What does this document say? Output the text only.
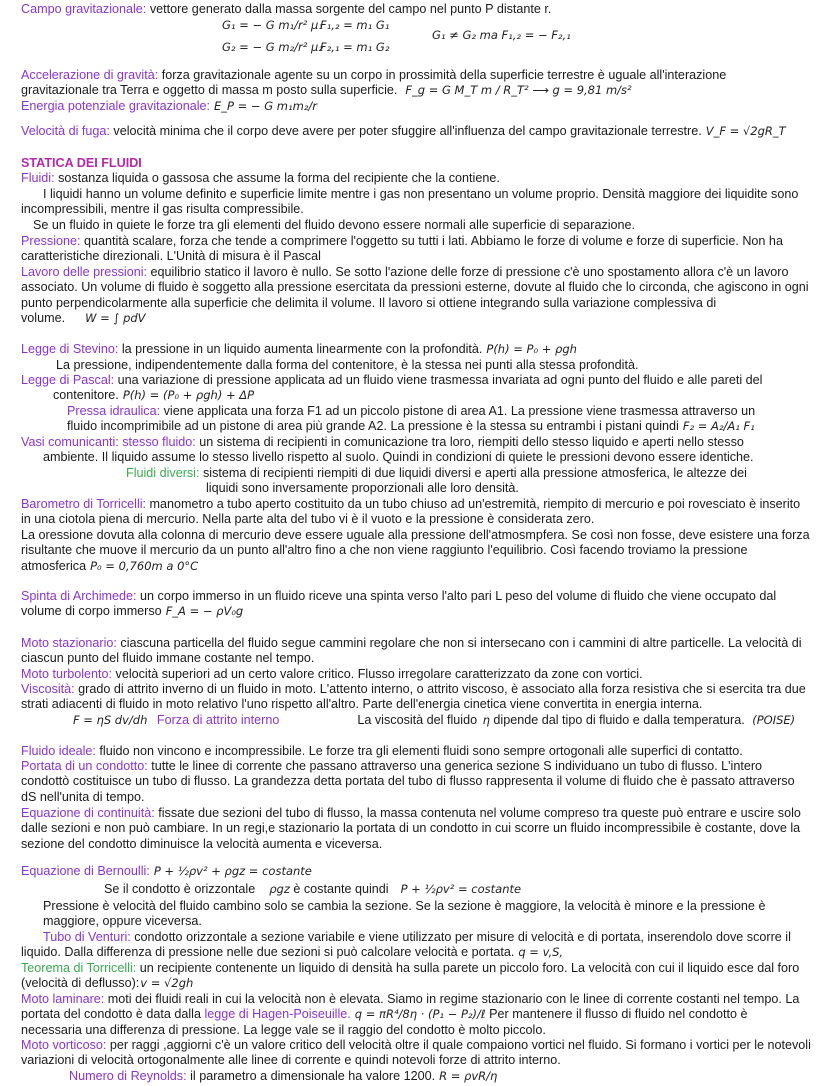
Campo gravitazionale: vettore generato dalla massa sorgente del campo nel punto P distante r.

G₁ = − G m₁/r² μ₁
G₂ = − G m₂/r² μ₂
F₁,₂ = m₁ G₁
F₂,₁ = m₁ G₂
G₁ ≠ G₂ ma F₁,₂ = − F₂,₁

Accelerazione di gravità: forza gravitazionale agente su un corpo in prossimità della superficie terrestre è uguale all'interazione
gravitazionale tra Terra e oggetto di massa m posto sulla superficie. F_g = G M_T m / R_T² ⟶ g = 9,81 m/s²
Energia potenziale gravitazionale: E_P = − G m₁m₂/r

Velocità di fuga: velocità minima che il corpo deve avere per poter sfuggire all'influenza del campo gravitazionale terrestre. V_F = √2gR_T

STATICA DEI FLUIDI

Fluidi: sostanza liquida o gassosa che assume la forma del recipiente che la contiene.

I liquidi hanno un volume definito e superficie limite mentre i gas non presentano un volume proprio. Densità maggiore dei liquidite sono incompressibili, mentre il gas risulta compressibile.

Se un fluido in quiete le forze tra gli elementi del fluido devono essere normali alle superficie di separazione.

Pressione: quantità scalare, forza che tende a comprimere l'oggetto su tutti i lati. Abbiamo le forze di volume e forze di superficie. Non ha caratteristiche direzionali. L'Unità di misura è il Pascal

Lavoro delle pressioni: equilibrio statico il lavoro è nullo. Se sotto l'azione delle forze di pressione c'è uno spostamento allora c'è un lavoro associato. Un volume di fluido è soggetto alla pressione esercitata da pressioni esterne, dovute al fluido che lo circonda, che agiscono in ogni punto perpendicolarmente alla superficie che delimita il volume. Il lavoro si ottiene integrando sulla variazione complessiva di volume. W = ∫ pdV

Legge di Stevino: la pressione in un liquido aumenta linearmente con la profondità. P(h) = P₀ + ρgh

La pressione, indipendentemente dalla forma del contenitore, è la stessa nei punti alla stessa profondità.

Legge di Pascal: una variazione di pressione applicata ad un fluido viene trasmessa invariata ad ogni punto del fluido e alle pareti del
contenitore. P(h) = (P₀ + ρgh) + ΔP

Pressa idraulica: viene applicata una forza F1 ad un piccolo pistone di area A1. La pressione viene trasmessa attraverso un
fluido incomprimibile ad un pistone di area più grande A2. La pressione è la stessa su entrambi i pistani quindi F₂ = A₂/A₁ F₁

Vasi comunicanti: stesso fluido: un sistema di recipienti in comunicazione tra loro, riempiti dello stesso liquido e aperti nello stesso
ambiente. Il liquido assume lo stesso livello rispetto al suolo. Quindi in condizioni di quiete le pressioni devono essere identiche.

Fluidi diversi: sistema di recipienti riempiti di due liquidi diversi e aperti alla pressione atmosferica, le altezze dei
liquidi sono inversamente proporzionali alle loro densità.

Barometro di Torricelli: manometro a tubo aperto costituito da un tubo chiuso ad un'estremità, riempito di mercurio e poi rovesciato è inserito in una ciotola piena di mercurio. Nella parte alta del tubo vi è il vuoto e la pressione è considerata zero.
La oressione dovuta alla colonna di mercurio deve essere uguale alla pressione dell'atmosmpfera. Se così non fosse, deve esistere una forza risultante che muove il mercurio da un punto all'altro fino a che non viene raggiunto l'equilibrio. Così facendo troviamo la pressione atmosferica P₀ = 0,760m a 0°C

Spinta di Archimede: un corpo immerso in un fluido riceve una spinta verso l'alto pari L peso del volume di fluido che viene occupato dal volume di corpo immerso F_A = − ρV₀g

Moto stazionario: ciascuna particella del fluido segue cammini regolare che non si intersecano con i cammini di altre particelle. La velocità di ciascun punto del fluido immane costante nel tempo.

Moto turbolento: velocità superiori ad un certo valore critico. Flusso irregolare caratterizzato da zone con vortici.

Viscosità: grado di attrito inverno di un fluido in moto. L'attento interno, o attrito viscoso, è associato alla forza resistiva che si esercita tra due strati adiacenti di fluido in moto relativo l'uno rispetto all'altro. Parte dell'energia cinetica viene convertita in energia interna.

F = ηS dv/dh Forza di attrito interno	La viscosità del fluido η dipende dal tipo di fluido e dalla temperatura. (POISE)

Fluido ideale: fluido non vincono e incompressibile. Le forze tra gli elementi fluidi sono sempre ortogonali alle superfici di contatto.

Portata di un condotto: tutte le linee di corrente che passano attraverso una generica sezione S individuano un tubo di flusso. L'intero condottò costituisce un tubo di flusso. La grandezza detta portata del tubo di flusso rappresenta il volume di fluido che è passato attraverso dS nell'unita di tempo.

Equazione di continuità: fissate due sezioni del tubo di flusso, la massa contenuta nel volume compreso tra queste può entrare e uscire solo dalle sezioni e non può cambiare. In un regi,e stazionario la portata di un condotto in cui scorre un fluido incompressibile è costante, dove la sezione del condotto diminuisce la velocità aumenta e viceversa.

Equazione di Bernoulli: P + ½ρv² + ρgz = costante

Se il condotto è orizzontale ρgz è costante quindi P + ½ρv² = costante

Pressione è velocità del fluido cambino solo se cambia la sezione. Se la sezione è maggiore, la velocità è minore e la pressione è maggiore, oppure viceversa.

Tubo di Venturi: condotto orizzontale a sezione variabile e viene utilizzato per misure di velocità e di portata, inserendolo dove scorre il liquido. Dalla differenza di pressione nelle due sezioni si può calcolare velocità e portata. q = v,S,

Teorema di Torricelli: un recipiente contenente un liquido di densità ha sulla parete un piccolo foro. La velocità con cui il liquido esce dal foro (velocità di deflusso):v = √2gh

Moto laminare: moti dei fluidi reali in cui la velocità non è elevata. Siamo in regime stazionario con le linee di corrente costanti nel tempo. La portata del condotto è data dalla legge di Hagen-Poiseuille. q = πR⁴/8η · (P₁ − P₂)/ℓ Per mantenere il flusso di fluido nel condotto è necessaria una differenza di pressione. La legge vale se il raggio del condotto è molto piccolo.

Moto vorticoso: per raggi ,aggiorni c'è un valore critico dell velocità oltre il quale compaiono vortici nel fluido. Si formano i vortici per le notevoli variazioni di velocità ortogonalmente alle linee di corrente e quindi notevoli forze di attrito interno.

Numero di Reynolds: il parametro a dimensionale ha valore 1200. R = ρvR/η
